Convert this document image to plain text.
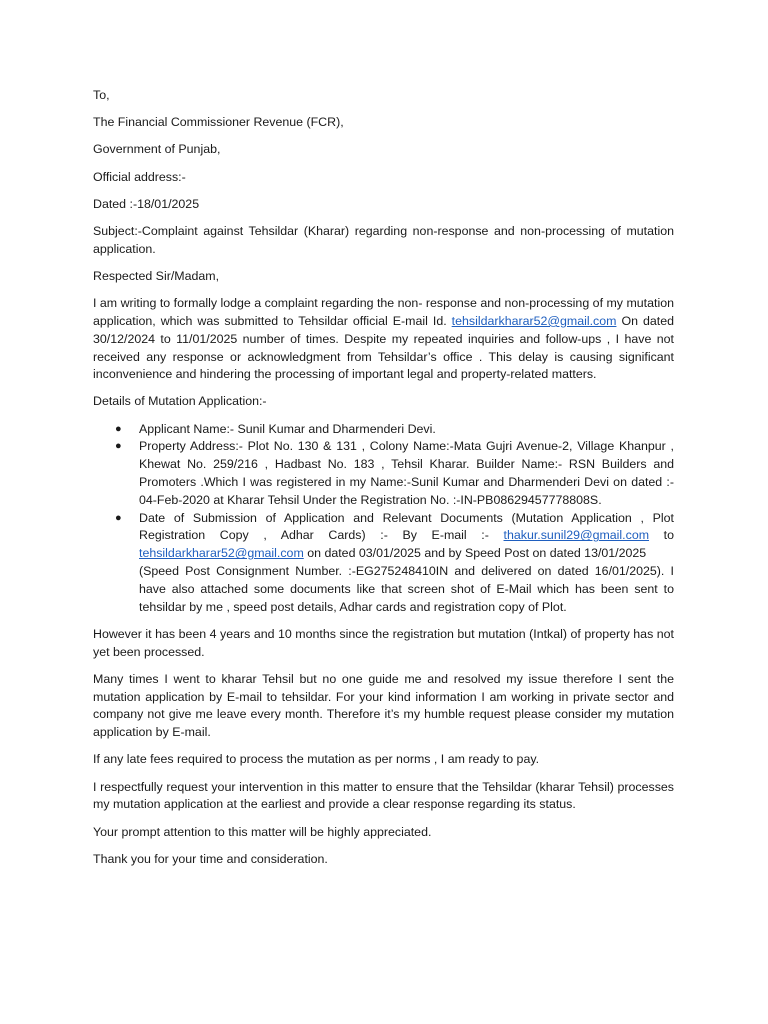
To,

The Financial Commissioner Revenue (FCR),

Government of Punjab,

Official address:-

Dated :-18/01/2025

Subject:-Complaint against Tehsildar (Kharar) regarding non-response and non-processing of mutation application.

Respected Sir/Madam,

I am writing to formally lodge a complaint regarding the non- response and non-processing of my mutation application, which was submitted to Tehsildar official E-mail Id. tehsildarkharar52@gmail.com On dated 30/12/2024 to 11/01/2025 number of times. Despite my repeated inquiries and follow-ups , I have not received any response or acknowledgment from Tehsildar’s office . This delay is causing significant inconvenience and hindering the processing of important legal and property-related matters.

Details of Mutation Application:-

● Applicant Name:- Sunil Kumar and Dharmenderi Devi.
● Property Address:- Plot No. 130 & 131 , Colony Name:-Mata Gujri Avenue-2, Village Khanpur , Khewat No. 259/216 , Hadbast No. 183 , Tehsil Kharar. Builder Name:- RSN Builders and Promoters .Which I was registered in my Name:-Sunil Kumar and Dharmenderi Devi on dated :- 04-Feb-2020 at Kharar Tehsil Under the Registration No. :-IN-PB08629457778808S.
● Date of Submission of Application and Relevant Documents (Mutation Application , Plot Registration Copy , Adhar Cards) :- By E-mail :- thakur.sunil29@gmail.com to tehsildarkharar52@gmail.com on dated 03/01/2025 and by Speed Post on dated 13/01/2025
(Speed Post Consignment Number. :-EG275248410IN and delivered on dated 16/01/2025). I have also attached some documents like that screen shot of E-Mail which has been sent to tehsildar by me , speed post details, Adhar cards and registration copy of Plot.

However it has been 4 years and 10 months since the registration but mutation (Intkal) of property has not yet been processed.

Many times I went to kharar Tehsil but no one guide me and resolved my issue therefore I sent the mutation application by E-mail to tehsildar. For your kind information I am working in private sector and company not give me leave every month. Therefore it’s my humble request please consider my mutation application by E-mail.

If any late fees required to process the mutation as per norms , I am ready to pay.

I respectfully request your intervention in this matter to ensure that the Tehsildar (kharar Tehsil) processes my mutation application at the earliest and provide a clear response regarding its status.

Your prompt attention to this matter will be highly appreciated.

Thank you for your time and consideration.
